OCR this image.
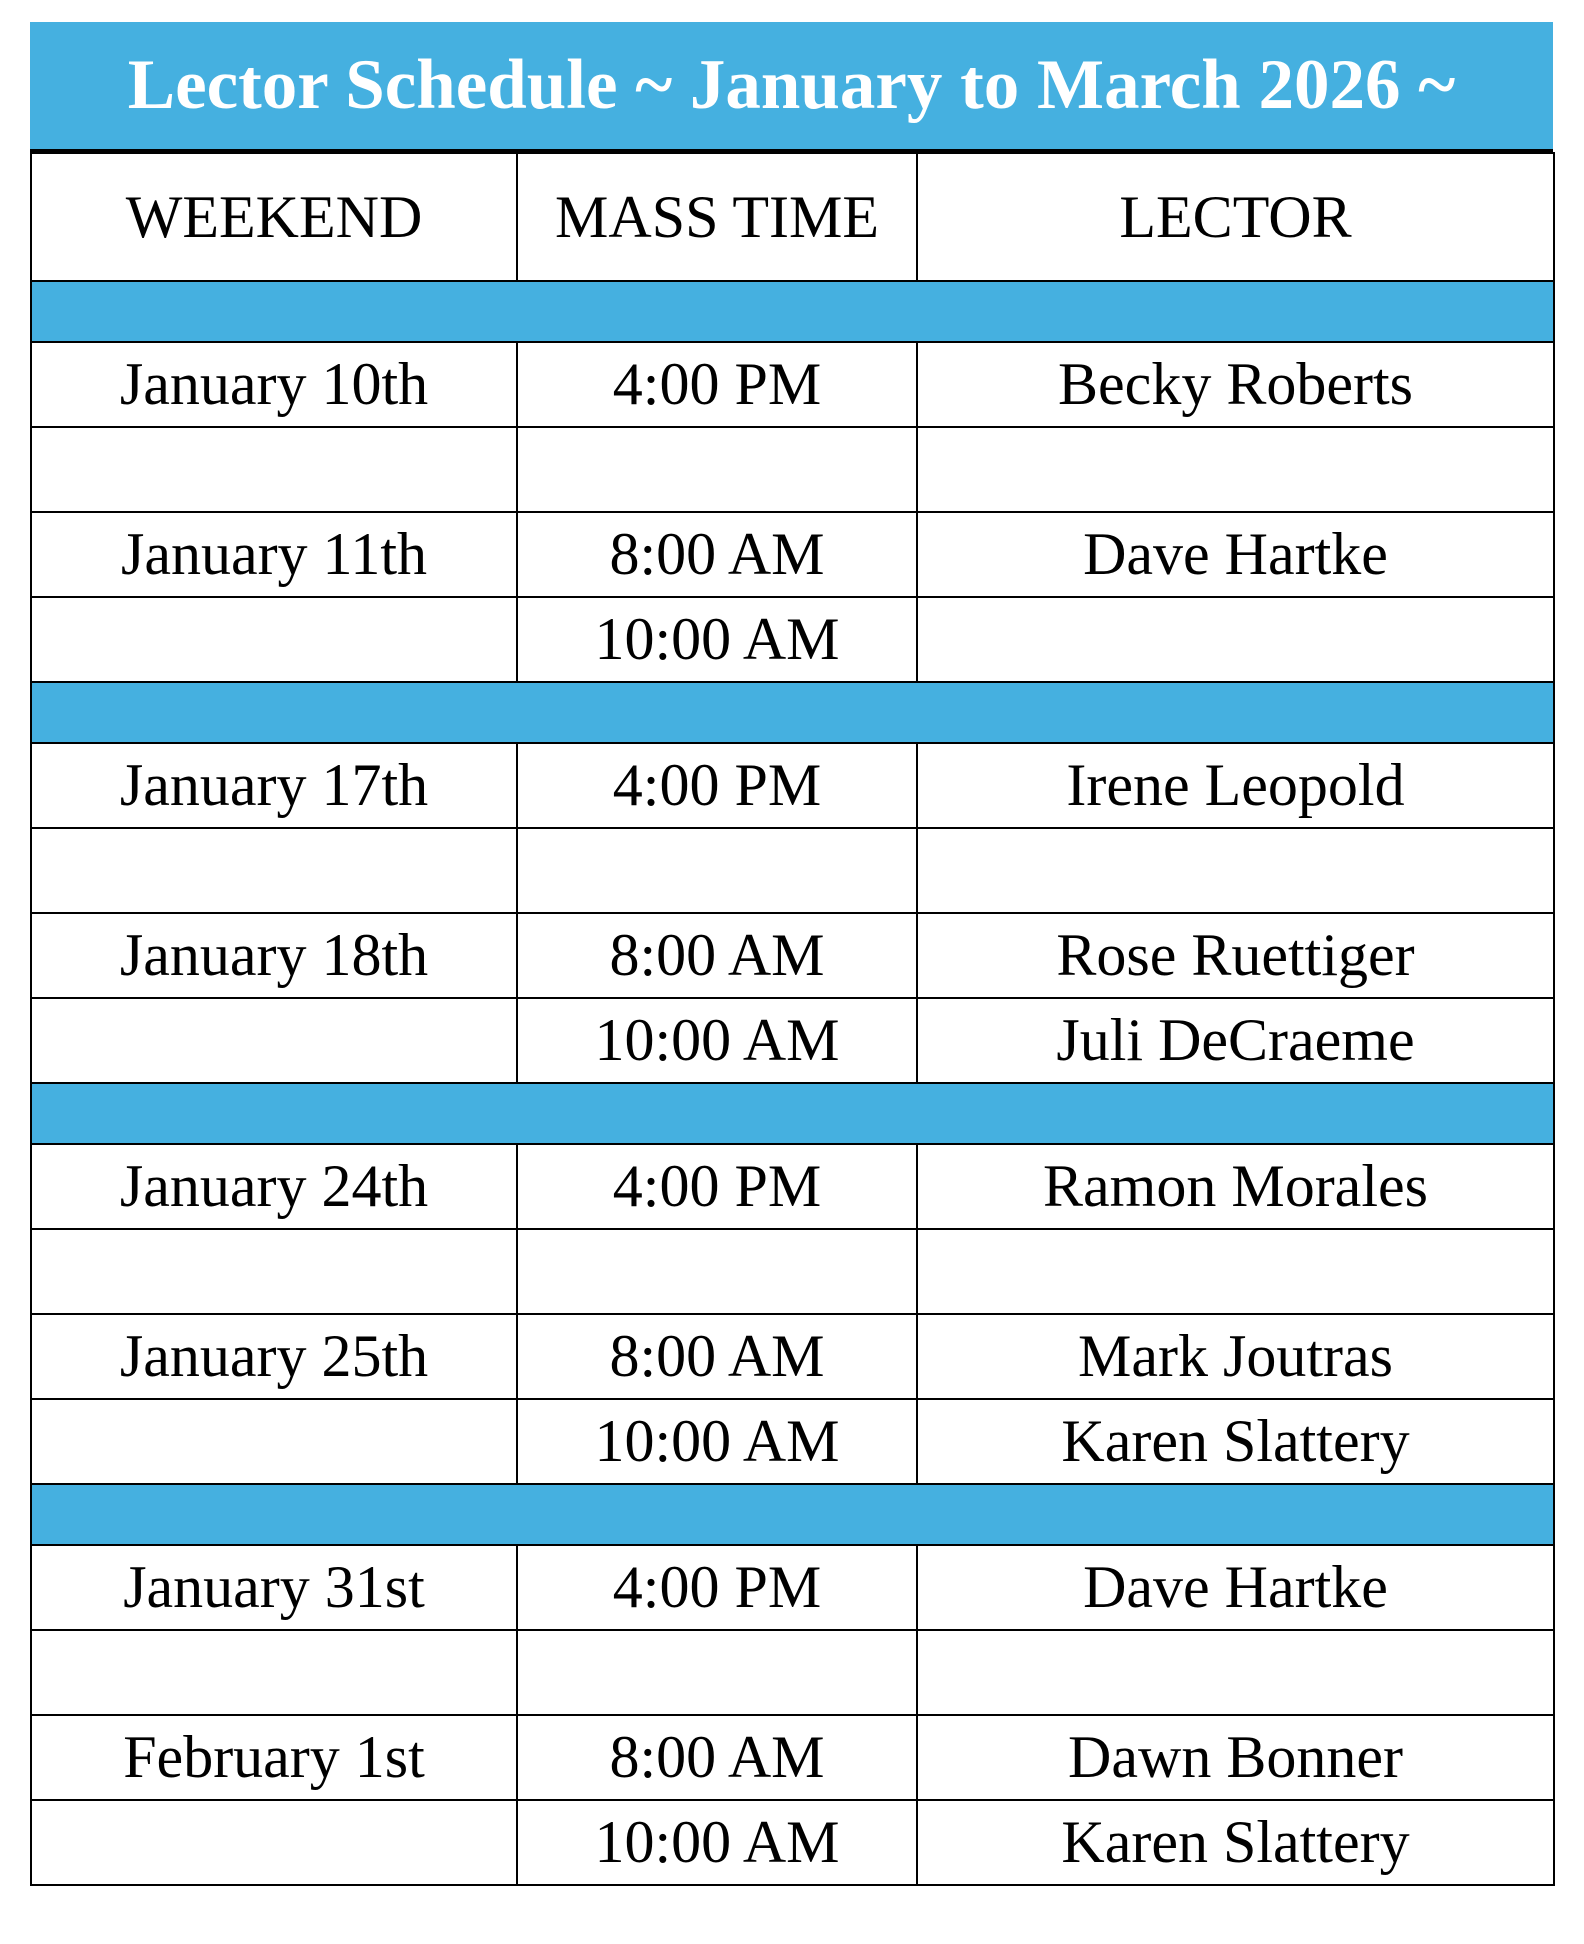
Lector Schedule ~ January to March 2026 ~
WEEKEND	MASS TIME	LECTOR

January 10th	4:00 PM	Becky Roberts

January 11th	8:00 AM	Dave Hartke
	10:00 AM	

January 17th	4:00 PM	Irene Leopold

January 18th	8:00 AM	Rose Ruettiger
	10:00 AM	Juli DeCraeme

January 24th	4:00 PM	Ramon Morales

January 25th	8:00 AM	Mark Joutras
	10:00 AM	Karen Slattery

January 31st	4:00 PM	Dave Hartke

February 1st	8:00 AM	Dawn Bonner
	10:00 AM	Karen Slattery
